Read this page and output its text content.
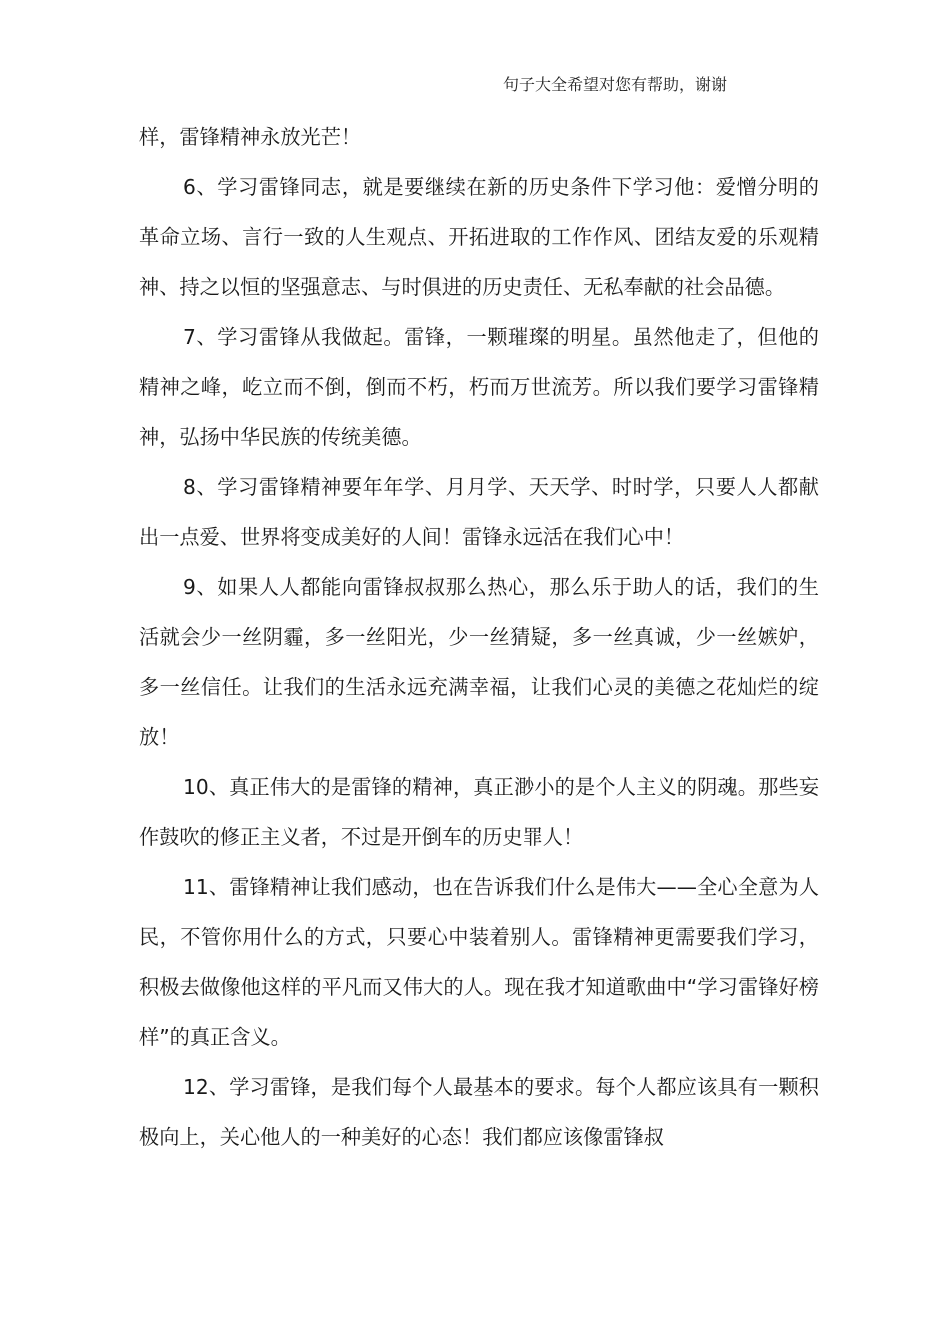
句子大全希望对您有帮助，谢谢

样，雷锋精神永放光芒！

6、学习雷锋同志，就是要继续在新的历史条件下学习他：爱憎分明的革命立场、言行一致的人生观点、开拓进取的工作作风、团结友爱的乐观精神、持之以恒的坚强意志、与时俱进的历史责任、无私奉献的社会品德。

7、学习雷锋从我做起。雷锋，一颗璀璨的明星。虽然他走了，但他的精神之峰，屹立而不倒，倒而不朽，朽而万世流芳。所以我们要学习雷锋精神，弘扬中华民族的传统美德。

8、学习雷锋精神要年年学、月月学、天天学、时时学，只要人人都献出一点爱、世界将变成美好的人间！雷锋永远活在我们心中！

9、如果人人都能向雷锋叔叔那么热心，那么乐于助人的话，我们的生活就会少一丝阴霾，多一丝阳光，少一丝猜疑，多一丝真诚，少一丝嫉妒，多一丝信任。让我们的生活永远充满幸福，让我们心灵的美德之花灿烂的绽放！

10、真正伟大的是雷锋的精神，真正渺小的是个人主义的阴魂。那些妄作鼓吹的修正主义者，不过是开倒车的历史罪人！

11、雷锋精神让我们感动，也在告诉我们什么是伟大——全心全意为人民，不管你用什么的方式，只要心中装着别人。雷锋精神更需要我们学习，积极去做像他这样的平凡而又伟大的人。现在我才知道歌曲中“学习雷锋好榜样”的真正含义。

12、学习雷锋，是我们每个人最基本的要求。每个人都应该具有一颗积极向上，关心他人的一种美好的心态！我们都应该像雷锋叔
